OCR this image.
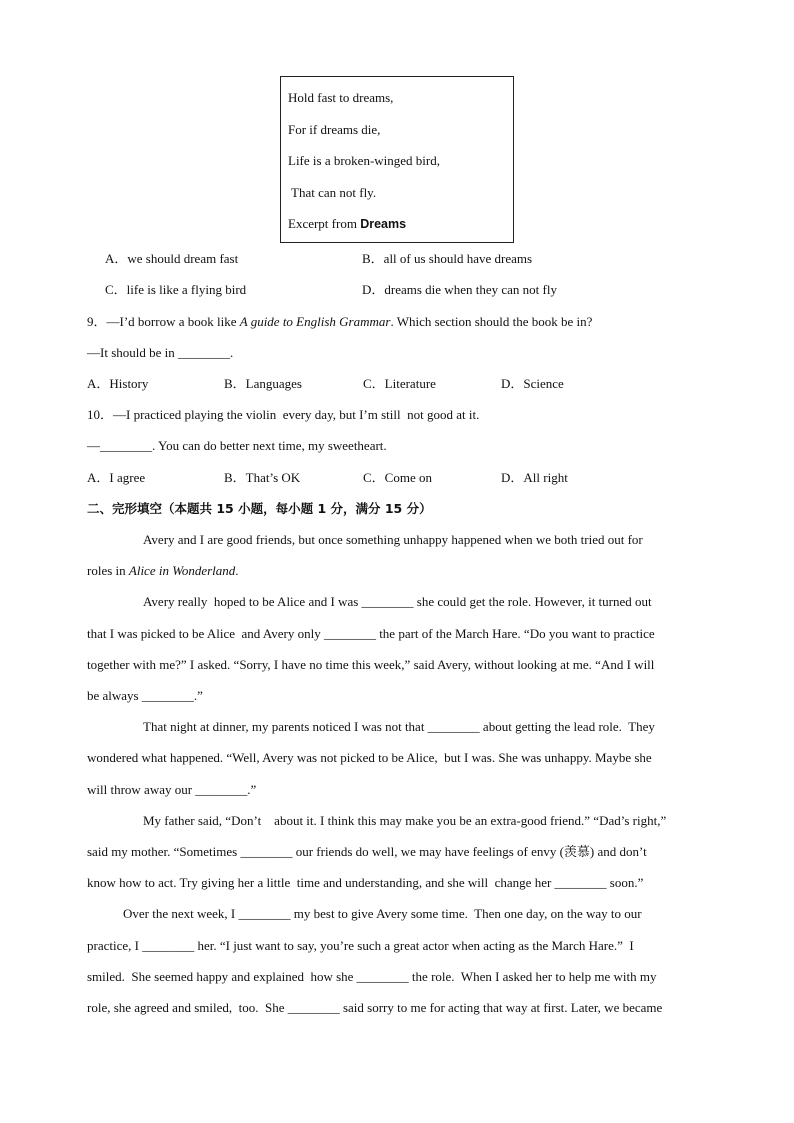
Hold fast to dreams,
For if dreams die,
Life is a broken-winged bird,
That can not fly.
Excerpt from Dreams
A．we should dream fast	B．all of us should have dreams
C．life is like a flying bird	D．dreams die when they can not fly
9．—I’d borrow a book like A guide to English Grammar. Which section should the book be in?
—It should be in ________.
A．History	B．Languages	C．Literature	D．Science
10．—I practiced playing the violin  every day, but I’m still  not good at it.
—________. You can do better next time, my sweetheart.
A．I agree	B．That’s OK	C．Come on	D．All right
二、完形填空（本题共 15 小题，每小题 1 分，满分 15 分）
Avery and I are good friends, but once something unhappy happened when we both tried out for
roles in Alice in Wonderland.
Avery really  hoped to be Alice and I was ________ she could get the role. However, it turned out
that I was picked to be Alice  and Avery only ________ the part of the March Hare. “Do you want to practice
together with me?” I asked. “Sorry, I have no time this week,” said Avery, without looking at me. “And I will
be always ________.”
That night at dinner, my parents noticed I was not that ________ about getting the lead role.  They
wondered what happened. “Well, Avery was not picked to be Alice,  but I was. She was unhappy. Maybe she
will throw away our ________.”
My father said, “Don’t    about it. I think this may make you be an extra-good friend.” “Dad’s right,”
said my mother. “Sometimes ________ our friends do well, we may have feelings of envy (羡慕) and don’t
know how to act. Try giving her a little  time and understanding, and she will  change her ________ soon.”
Over the next week, I ________ my best to give Avery some time.  Then one day, on the way to our
practice, I ________ her. “I just want to say, you’re such a great actor when acting as the March Hare.”  I
smiled.  She seemed happy and explained  how she ________ the role.  When I asked her to help me with my
role, she agreed and smiled,  too.  She ________ said sorry to me for acting that way at first. Later, we became
